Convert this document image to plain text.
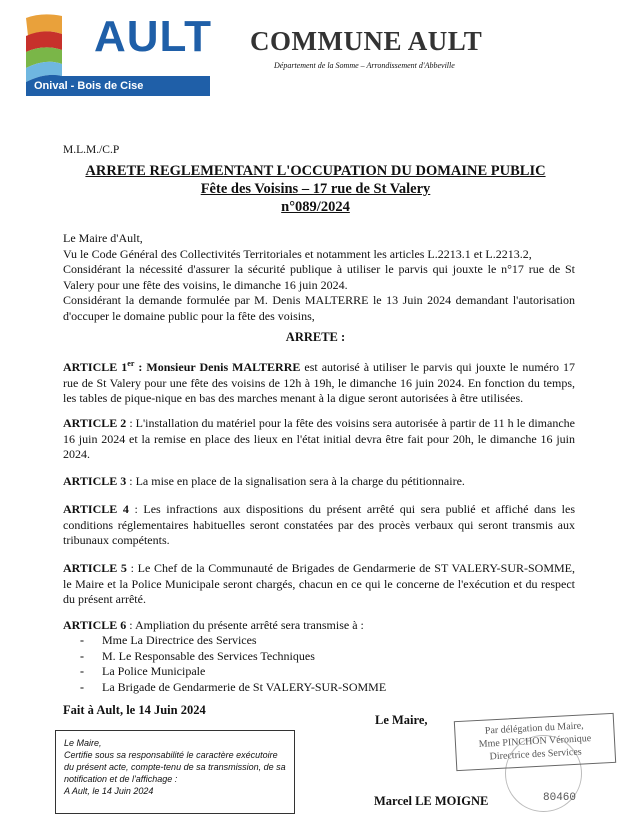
AULT
Onival - Bois de Cise
COMMUNE AULT
Département de la Somme – Arrondissement d'Abbeville
M.L.M./C.P
ARRETE REGLEMENTANT L'OCCUPATION DU DOMAINE PUBLIC
Fête des Voisins – 17 rue de St Valery
n°089/2024
Le Maire d'Ault,
Vu le Code Général des Collectivités Territoriales et notamment les articles L.2213.1 et L.2213.2,
Considérant la nécessité d'assurer la sécurité publique à utiliser le parvis qui jouxte le n°17 rue de St Valery pour une fête des voisins, le dimanche 16 juin 2024.
Considérant la demande formulée par M. Denis MALTERRE le 13 Juin 2024 demandant l'autorisation d'occuper le domaine public pour la fête des voisins,
ARRETE :
ARTICLE 1er : Monsieur Denis MALTERRE est autorisé à utiliser le parvis qui jouxte le numéro 17 rue de St Valery pour une fête des voisins de 12h à 19h, le dimanche 16 juin 2024. En fonction du temps, les tables de pique-nique en bas des marches menant à la digue seront autorisées à être utilisées.
ARTICLE 2 : L'installation du matériel pour la fête des voisins sera autorisée à partir de 11 h le dimanche 16 juin 2024 et la remise en place des lieux en l'état initial devra être fait pour 20h, le dimanche 16 juin 2024.
ARTICLE 3 : La mise en place de la signalisation sera à la charge du pétitionnaire.
ARTICLE 4 : Les infractions aux dispositions du présent arrêté qui sera publié et affiché dans les conditions réglementaires habituelles seront constatées par des procès verbaux qui seront transmis aux tribunaux compétents.
ARTICLE 5 : Le Chef de la Communauté de Brigades de Gendarmerie de ST VALERY-SUR-SOMME, le Maire et la Police Municipale seront chargés, chacun en ce qui le concerne de l'exécution et du respect du présent arrêté.
ARTICLE 6 : Ampliation du présente arrêté sera transmise à :
- Mme La Directrice des Services
- M. Le Responsable des Services Techniques
- La Police Municipale
- La Brigade de Gendarmerie de St VALERY-SUR-SOMME
Fait à Ault, le 14 Juin 2024
Le Maire,
Certifie sous sa responsabilité le caractère exécutoire du présent acte, compte-tenu de sa transmission, de sa notification et de l'affichage :
A Ault, le 14 Juin 2024
Le Maire,
Par délégation du Maire,
Mme PINCHON Véronique
Directrice des Services
Marcel LE MOIGNE	80460
